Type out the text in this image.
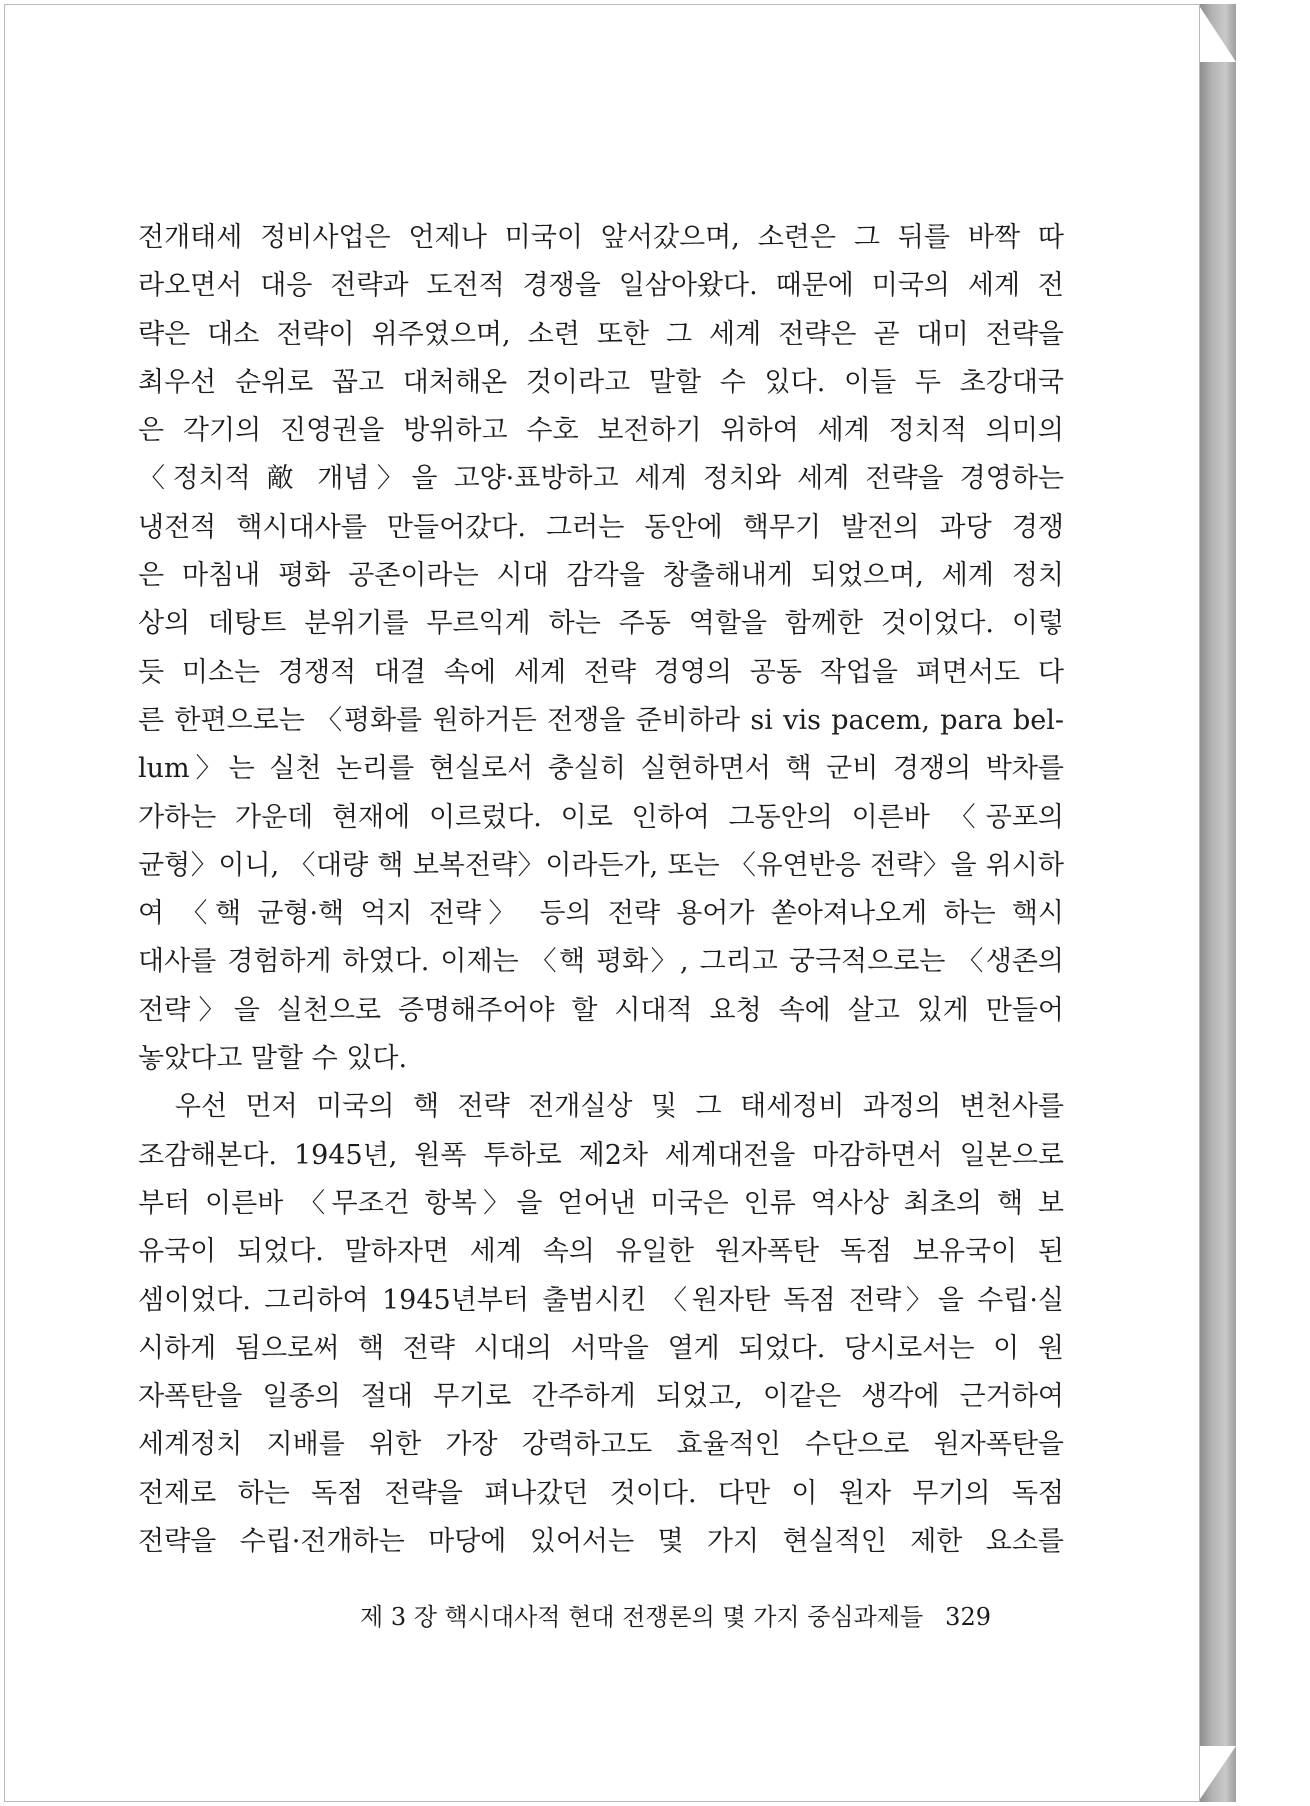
전개태세 정비사업은 언제나 미국이 앞서갔으며, 소련은 그 뒤를 바짝 따
라오면서 대응 전략과 도전적 경쟁을 일삼아왔다. 때문에 미국의 세계 전
략은 대소 전략이 위주였으며, 소련 또한 그 세계 전략은 곧 대미 전략을
최우선 순위로 꼽고 대처해온 것이라고 말할 수 있다. 이들 두 초강대국
은 각기의 진영권을 방위하고 수호 보전하기 위하여 세계 정치적 의미의
〈정치적 敵 개념〉을 고양·표방하고 세계 정치와 세계 전략을 경영하는
냉전적 핵시대사를 만들어갔다. 그러는 동안에 핵무기 발전의 과당 경쟁
은 마침내 평화 공존이라는 시대 감각을 창출해내게 되었으며, 세계 정치
상의 데탕트 분위기를 무르익게 하는 주동 역할을 함께한 것이었다. 이렇
듯 미소는 경쟁적 대결 속에 세계 전략 경영의 공동 작업을 펴면서도 다
른 한편으로는 〈평화를 원하거든 전쟁을 준비하라 si vis pacem, para bel-
lum〉는 실천 논리를 현실로서 충실히 실현하면서 핵 군비 경쟁의 박차를
가하는 가운데 현재에 이르렀다. 이로 인하여 그동안의 이른바 〈공포의
균형〉이니, 〈대량 핵 보복전략〉이라든가, 또는 〈유연반응 전략〉을 위시하
여 〈핵 균형·핵 억지 전략〉 등의 전략 용어가 쏟아져나오게 하는 핵시
대사를 경험하게 하였다. 이제는 〈핵 평화〉, 그리고 궁극적으로는 〈생존의
전략〉을 실천으로 증명해주어야 할 시대적 요청 속에 살고 있게 만들어
놓았다고 말할 수 있다.
　우선 먼저 미국의 핵 전략 전개실상 및 그 태세정비 과정의 변천사를
조감해본다. 1945년, 원폭 투하로 제2차 세계대전을 마감하면서 일본으로
부터 이른바 〈무조건 항복〉을 얻어낸 미국은 인류 역사상 최초의 핵 보
유국이 되었다. 말하자면 세계 속의 유일한 원자폭탄 독점 보유국이 된
셈이었다. 그리하여 1945년부터 출범시킨 〈원자탄 독점 전략〉을 수립·실
시하게 됨으로써 핵 전략 시대의 서막을 열게 되었다. 당시로서는 이 원
자폭탄을 일종의 절대 무기로 간주하게 되었고, 이같은 생각에 근거하여
세계정치 지배를 위한 가장 강력하고도 효율적인 수단으로 원자폭탄을
전제로 하는 독점 전략을 펴나갔던 것이다. 다만 이 원자 무기의 독점
전략을 수립·전개하는 마당에 있어서는 몇 가지 현실적인 제한 요소를
제 3 장 핵시대사적 현대 전쟁론의 몇 가지 중심과제들 329
